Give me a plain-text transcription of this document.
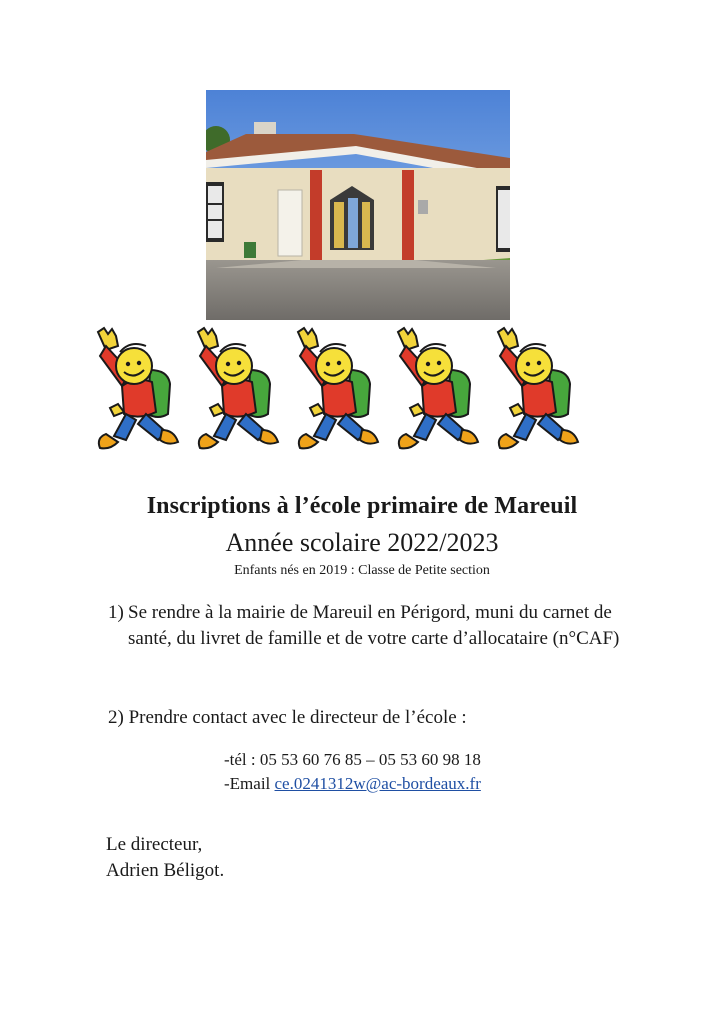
Inscriptions à l’école primaire de Mareuil
Année scolaire 2022/2023
Enfants nés en 2019 : Classe de Petite section
1) Se rendre à la mairie de Mareuil en Périgord, muni du carnet de santé, du livret de famille et de votre carte d’allocataire (n°CAF)
2) Prendre contact avec le directeur de l’école :
-tél : 05 53 60 76 85 – 05 53 60 98 18
-Email ce.0241312w@ac-bordeaux.fr
Le directeur,
Adrien Béligot.
